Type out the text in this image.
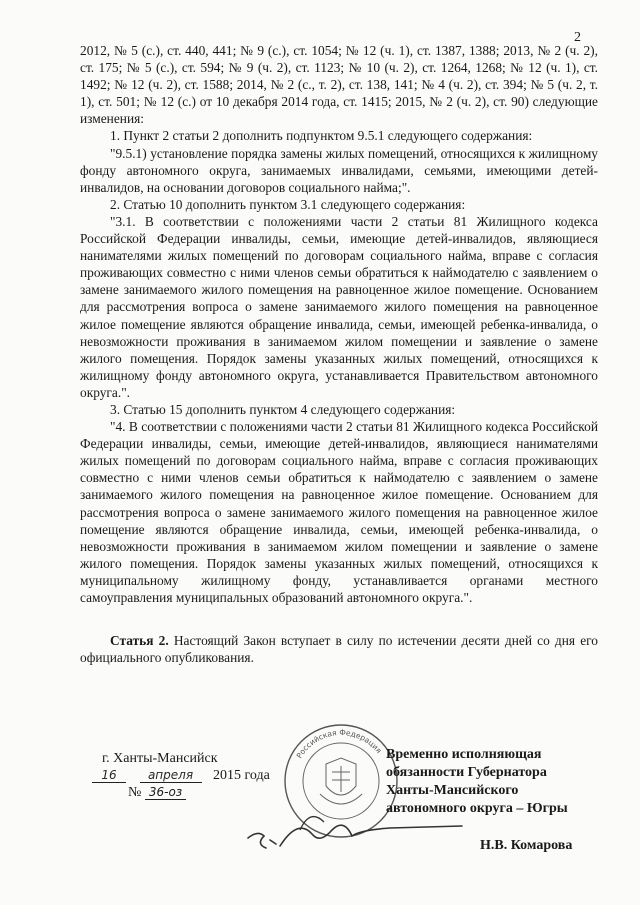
2

2012, № 5 (с.), ст. 440, 441; № 9 (с.), ст. 1054; № 12 (ч. 1), ст. 1387, 1388; 2013, № 2 (ч. 2), ст. 175; № 5 (с.), ст. 594; № 9 (ч. 2), ст. 1123; № 10 (ч. 2), ст. 1264, 1268; № 12 (ч. 1), ст. 1492; № 12 (ч. 2), ст. 1588; 2014, № 2 (с., т. 2), ст. 138, 141; № 4 (ч. 2), ст. 394; № 5 (ч. 2, т. 1), ст. 501; № 12 (с.) от 10 декабря 2014 года, ст. 1415; 2015, № 2 (ч. 2), ст. 90) следующие изменения:

1. Пункт 2 статьи 2 дополнить подпунктом 9.5.1 следующего содержания:

"9.5.1) установление порядка замены жилых помещений, относящихся к жилищному фонду автономного округа, занимаемых инвалидами, семьями, имеющими детей-инвалидов, на основании договоров социального найма;".

2. Статью 10 дополнить пунктом 3.1 следующего содержания:

"3.1. В соответствии с положениями части 2 статьи 81 Жилищного кодекса Российской Федерации инвалиды, семьи, имеющие детей-инвалидов, являющиеся нанимателями жилых помещений по договорам социального найма, вправе с согласия проживающих совместно с ними членов семьи обратиться к наймодателю с заявлением о замене занимаемого жилого помещения на равноценное жилое помещение. Основанием для рассмотрения вопроса о замене занимаемого жилого помещения на равноценное жилое помещение являются обращение инвалида, семьи, имеющей ребенка-инвалида, о невозможности проживания в занимаемом жилом помещении и заявление о замене жилого помещения. Порядок замены указанных жилых помещений, относящихся к жилищному фонду автономного округа, устанавливается Правительством автономного округа.".

3. Статью 15 дополнить пунктом 4 следующего содержания:

"4. В соответствии с положениями части 2 статьи 81 Жилищного кодекса Российской Федерации инвалиды, семьи, имеющие детей-инвалидов, являющиеся нанимателями жилых помещений по договорам социального найма, вправе с согласия проживающих совместно с ними членов семьи обратиться к наймодателю с заявлением о замене занимаемого жилого помещения на равноценное жилое помещение. Основанием для рассмотрения вопроса о замене занимаемого жилого помещения на равноценное жилое помещение являются обращение инвалида, семьи, имеющей ребенка-инвалида, о невозможности проживания в занимаемом жилом помещении и заявление о замене жилого помещения. Порядок замены указанных жилых помещений, относящихся к муниципальному жилищному фонду, устанавливается органами местного самоуправления муниципальных образований автономного округа.".

Статья 2. Настоящий Закон вступает в силу по истечении десяти дней со дня его официального опубликования.

г. Ханты-Мансийск
16	апреля 2015 года
№ 36-оз
Российская Федерация Временно исполняющая
обязанности Губернатора
Ханты-Мансийского
автономного округа – Югры
Н.В. Комарова
